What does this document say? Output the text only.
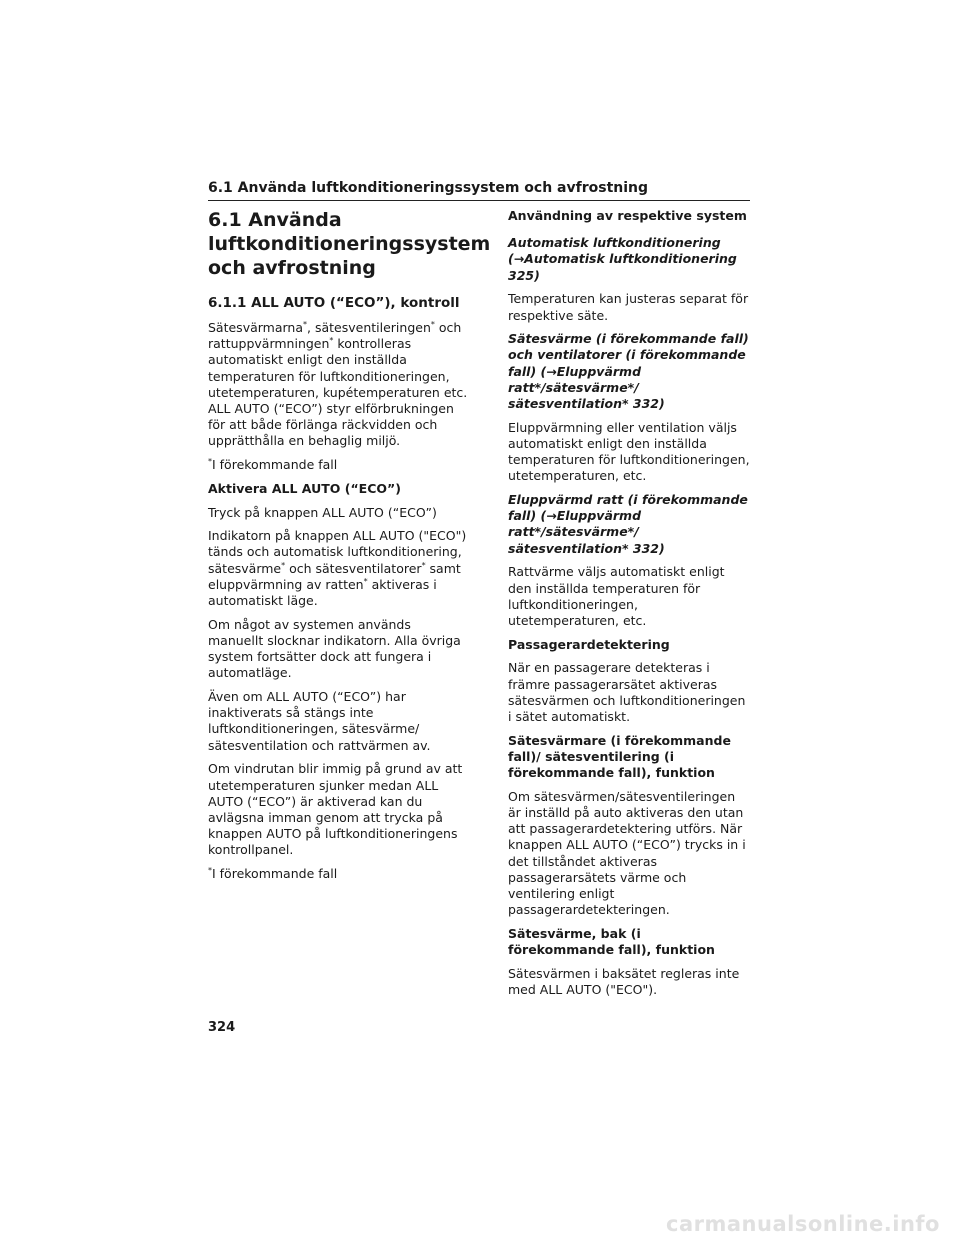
6.1 Använda luftkonditioneringssystem och avfrostning
6.1 Använda
luftkonditioneringssystem
och avfrostning
6.1.1 ALL AUTO (“ECO”), kontroll

Sätesvärmarna*, sätesventileringen* och rattuppvärmningen* kontrolleras automatiskt enligt den inställda temperaturen för luftkonditioneringen, utetemperaturen, kupétemperaturen etc. ALL AUTO (“ECO”) styr elförbrukningen för att både förlänga räckvidden och upprätthålla en behaglig miljö.

*I förekommande fall

Aktivera ALL AUTO (“ECO”)

Tryck på knappen ALL AUTO (“ECO”)

Indikatorn på knappen ALL AUTO ("ECO") tänds och automatisk luftkonditionering, sätesvärme* och sätesventilatorer* samt eluppvärmning av ratten* aktiveras i automatiskt läge.

Om något av systemen används manuellt slocknar indikatorn. Alla övriga system fortsätter dock att fungera i automatläge.

Även om ALL AUTO (“ECO”) har inaktiverats så stängs inte luftkonditioneringen, sätesvärme/ sätesventilation och rattvärmen av.

Om vindrutan blir immig på grund av att utetemperaturen sjunker medan ALL AUTO (“ECO”) är aktiverad kan du avlägsna imman genom att trycka på knappen AUTO på luftkonditioneringens kontrollpanel.

*I förekommande fall

Användning av respektive system

Automatisk luftkonditionering
(→Automatisk luftkonditionering 325)

Temperaturen kan justeras separat för respektive säte.

Sätesvärme (i förekommande fall) och ventilatorer (i förekommande fall) (→Eluppvärmd ratt*/sätesvärme*/ sätesventilation* 332)

Eluppvärmning eller ventilation väljs automatiskt enligt den inställda temperaturen för luftkonditioneringen, utetemperaturen, etc.

Eluppvärmd ratt (i förekommande fall) (→Eluppvärmd ratt*/sätesvärme*/ sätesventilation* 332)

Rattvärme väljs automatiskt enligt den inställda temperaturen för luftkonditioneringen, utetemperaturen, etc.

Passagerardetektering

När en passagerare detekteras i främre passagerarsätet aktiveras sätesvärmen och luftkonditioneringen i sätet automatiskt.

Sätesvärmare (i förekommande fall)/ sätesventilering (i förekommande fall), funktion

Om sätesvärmen/sätesventileringen är inställd på auto aktiveras den utan att passagerardetektering utförs. När knappen ALL AUTO (“ECO”) trycks in i det tillståndet aktiveras passagerarsätets värme och ventilering enligt passagerardetekteringen.

Sätesvärme, bak (i förekommande fall), funktion

Sätesvärmen i baksätet regleras inte med ALL AUTO ("ECO").

324
carmanualsonline.info
